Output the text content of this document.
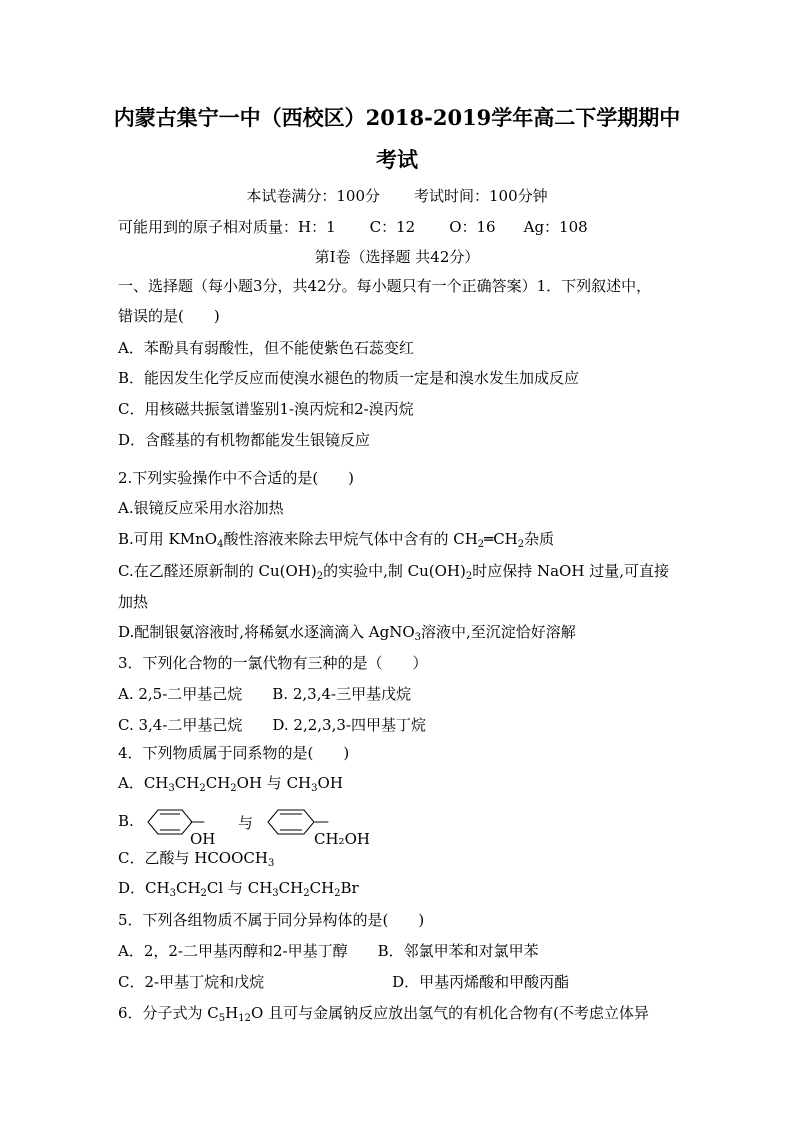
内蒙古集宁一中（西校区）2018-2019学年高二下学期期中
考试
本试卷满分：100分 考试时间：100分钟
可能用到的原子相对质量：H：1 C：12 O：16 Ag：108
第Ⅰ卷（选择题 共42分）
一、选择题（每小题3分，共42分。每小题只有一个正确答案）1．下列叙述中，
错误的是(　　)
A．苯酚具有弱酸性，但不能使紫色石蕊变红
B．能因发生化学反应而使溴水褪色的物质一定是和溴水发生加成反应
C．用核磁共振氢谱鉴别1-溴丙烷和2-溴丙烷
D．含醛基的有机物都能发生银镜反应
2.下列实验操作中不合适的是(　　)
A.银镜反应采用水浴加热
B.可用 KMnO$_4$酸性溶液来除去甲烷气体中含有的 $CH_2═CH_2$杂质
C.在乙醛还原新制的 $Cu(OH)_2$的实验中,制 $Cu(OH)_2$时应保持 NaOH 过量,可直接
加热
D.配制银氨溶液时,将稀氨水逐滴滴入 AgNO$_3$溶液中,至沉淀恰好溶解
3．下列化合物的一氯代物有三种的是（　　）
A. 2,5-二甲基己烷 B. 2,3,4-三甲基戊烷
C. 3,4-二甲基己烷 D. 2,2,3,3-四甲基丁烷
4．下列物质属于同系物的是(　　)
A．$CH_3CH_2CH_2OH$ 与 $CH_3OH$
B.	—OH
与	—CH₂OH
C．乙酸与 $HCOOCH_3$
D．$CH_3CH_2Cl$ 与 $CH_3CH_2CH_2Br$
5．下列各组物质不属于同分异构体的是(　　)
A．2，2-二甲基丙醇和2-甲基丁醇 B．邻氯甲苯和对氯甲苯
C．2-甲基丁烷和戊烷	D．甲基丙烯酸和甲酸丙酯
6．分子式为 $C_5H_{12}O$ 且可与金属钠反应放出氢气的有机化合物有(不考虑立体异
